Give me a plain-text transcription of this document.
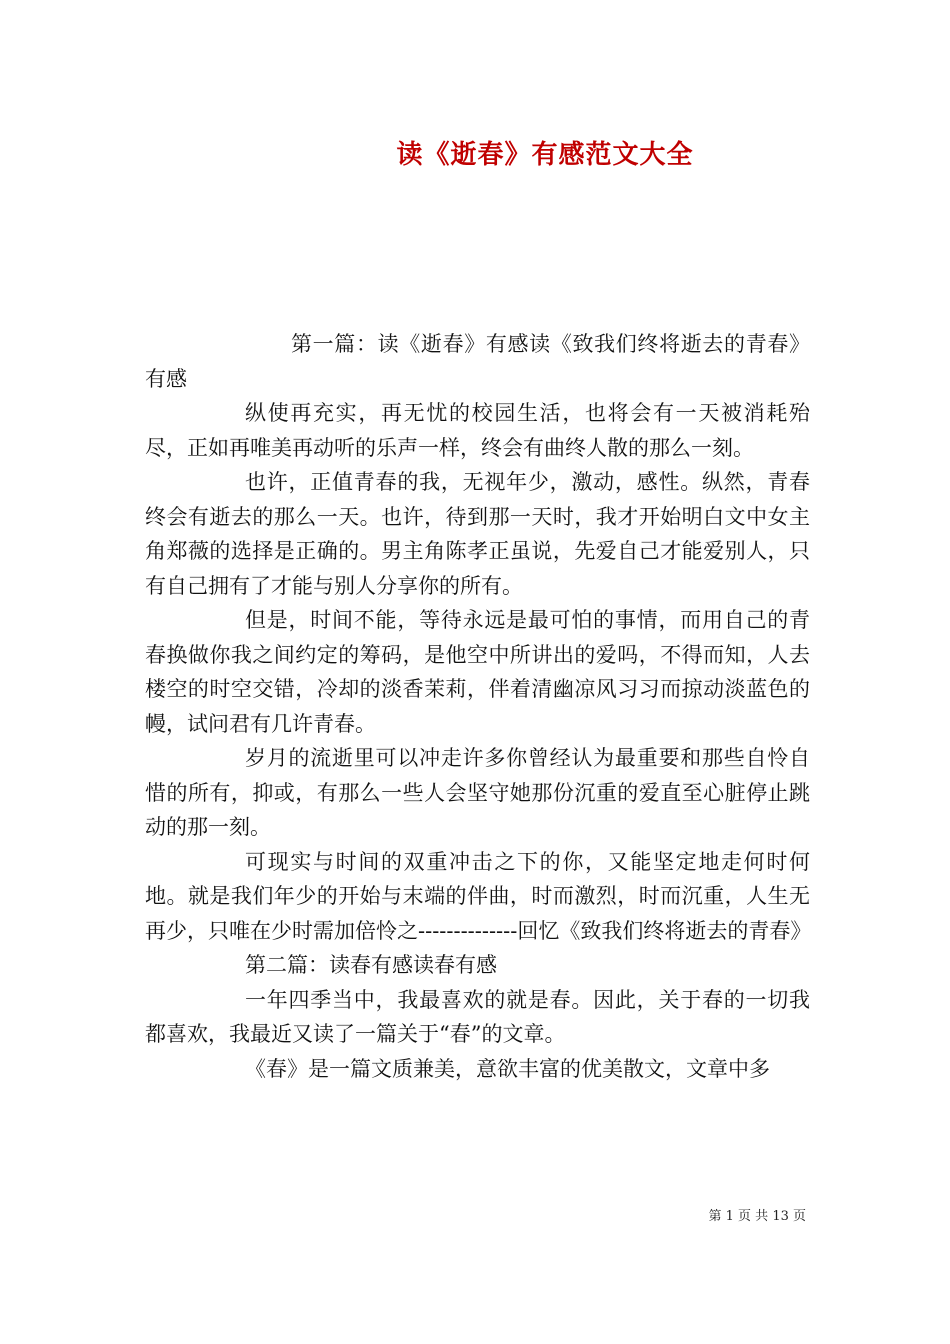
读《逝春》有感范文大全

第一篇：读《逝春》有感读《致我们终将逝去的青春》有感

纵使再充实，再无忧的校园生活，也将会有一天被消耗殆尽，正如再唯美再动听的乐声一样，终会有曲终人散的那么一刻。

也许，正值青春的我，无视年少，激动，感性。纵然，青春终会有逝去的那么一天。也许，待到那一天时，我才开始明白文中女主角郑薇的选择是正确的。男主角陈孝正虽说，先爱自己才能爱别人，只有自己拥有了才能与别人分享你的所有。

但是，时间不能，等待永远是最可怕的事情，而用自己的青春换做你我之间约定的筹码，是他空中所讲出的爱吗，不得而知，人去楼空的时空交错，冷却的淡香茉莉，伴着清幽凉风习习而掠动淡蓝色的幔，试问君有几许青春。

岁月的流逝里可以冲走许多你曾经认为最重要和那些自怜自惜的所有，抑或，有那么一些人会坚守她那份沉重的爱直至心脏停止跳动的那一刻。

可现实与时间的双重冲击之下的你，又能坚定地走何时何地。就是我们年少的开始与末端的伴曲，时而激烈，时而沉重，人生无再少，只唯在少时需加倍怜之--------------回忆《致我们终将逝去的青春》

第二篇：读春有感读春有感

一年四季当中，我最喜欢的就是春。因此，关于春的一切我都喜欢，我最近又读了一篇关于“春”的文章。

《春》是一篇文质兼美，意欲丰富的优美散文，文章中多

第 1 页 共 13 页
